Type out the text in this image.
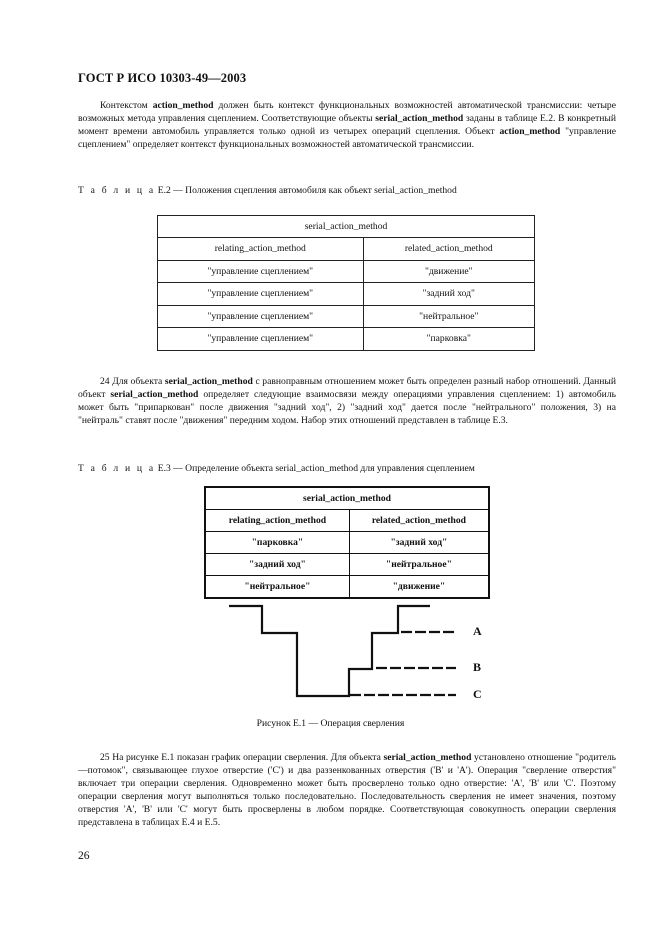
ГОСТ Р ИСО 10303-49—2003

Контекстом action_method должен быть контекст функциональных возможностей автоматической трансмиссии: четыре возможных метода управления сцеплением. Соответствующие объекты serial_action_method заданы в таблице Е.2. В конкретный момент времени автомобиль управляется только одной из четырех операций сцепления. Объект action_method "управление сцеплением" определяет контекст функциональных возможностей автоматической трансмиссии.

Т а б л и ц а Е.2 — Положения сцепления автомобиля как объект serial_action_method
serial_action_method	
relating_action_method	related_action_method
"управление сцеплением"	"движение"
"управление сцеплением"	"задний ход"
"управление сцеплением"	"нейтральное"
"управление сцеплением"	"парковка"

24 Для объекта serial_action_method с равноправным отношением может быть определен разный набор отношений. Данный объект serial_action_method определяет следующие взаимосвязи между операциями управления сцеплением: 1) автомобиль может быть "припаркован" после движения "задний ход", 2) "задний ход" дается после "нейтрального" положения, 3) на "нейтраль" ставят после "движения" передним ходом. Набор этих отношений представлен в таблице Е.3.

Т а б л и ц а Е.3 — Определение объекта serial_action_method для управления сцеплением
serial_action_method	
relating_action_method	related_action_method
"парковка"	"задний ход"
"задний ход"	"нейтральное"
"нейтральное"	"движение"
A
B
C
Рисунок Е.1 — Операция сверления

25 На рисунке Е.1 показан график операции сверления. Для объекта serial_action_method установлено отношение "родитель—потомок", связывающее глухое отверстие ('С') и два раззенкованных отверстия ('В' и 'А'). Операция "сверление отверстия" включает три операции сверления. Одновременно может быть просверлено только одно отверстие: 'А', 'В' или 'С'. Поэтому операции сверления могут выполняться только последовательно. Последовательность сверления не имеет значения, поэтому отверстия 'А', 'В' или 'С' могут быть просверлены в любом порядке. Соответствующая совокупность операции сверления представлена в таблицах Е.4 и Е.5.

26
